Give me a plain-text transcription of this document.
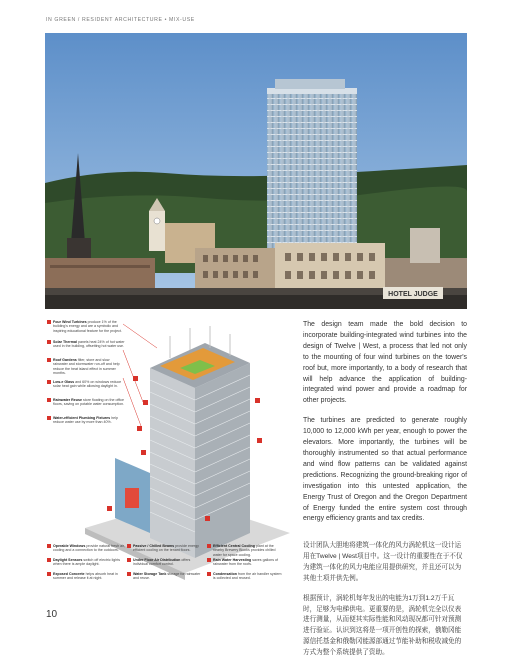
IN GREEN / RESIDENT ARCHITECTURE • MIX-USE
HOTEL JUDGE
Four Wind Turbines produce 1% of the building's energy and are a symbolic and inspiring educational feature for the project.
Solar Thermal panels heat 24% of hot water used in the building, offsetting hot water use.
Roof Gardens filter, store and slow rainwater and stormwater run-off and help reduce the heat island effect in summer months.
Low-e Glass and 60% on windows reduce solar heat gain while allowing daylight in.
Rainwater Reuse store floating on the office floors, saving on potable water consumption.
Water-efficient Plumbing Fixtures help reduce water use by more than 40%.
Operable Windows provide natural fresh air, cooling and a connection to the outdoors.
Daylight Sensors switch off electric lights when there is ample daylight.
Exposed Concrete helps absorb heat in summer and release it at night.
Passive / Chilled Beams provide energy efficient cooling on the tenant floors.
Under Floor Air Distribution offers individual comfort control.
Water Storage Tank storage for rainwater and reuse.
Efficient Central Cooling plant at the nearby Brewery Blocks provides chilled water for space cooling.
Rain Water Harvesting saves gallons of rainwater from the roofs.
Condensation from the air handler system is collected and reused.

The design team made the bold decision to incorporate building-integrated wind turbines into the design of Twelve | West, a process that led not only to the mounting of four wind turbines on the tower's roof but, more importantly, to a body of research that will help advance the application of building-integrated wind power and provide a roadmap for other projects.

The turbines are predicted to generate roughly 10,000 to 12,000 kWh per year, enough to power the elevators. More importantly, the turbines will be thoroughly instrumented so that actual performance and wind flow patterns can be validated against predictions. Recognizing the ground-breaking rigor of investigation into this untested application, the Energy Trust of Oregon and the Oregon Department of Energy funded the entire system cost through energy efficiency grants and tax credits.

设计团队大胆地将建筑一体化的风力涡轮机这一设计运用在Twelve | West项目中。这一设计的重要性在于不仅为建筑一体化的风力电能应用提供研究，并且还可以为其他土项并供先例。

根据预计，涡轮机每年发出的电能为1万到1.2万千瓦时，足够为电梯供电。更重要的是，涡轮机完全以仪表进行测量，从而便其实际性能和风动现况都可针对预测进行验证。认识到这将是一项开创性的探索，俄勒冈能源信托基金和俄勒冈能源部通过节能补助和税收减免的方式为整个系统提供了资助。

10
